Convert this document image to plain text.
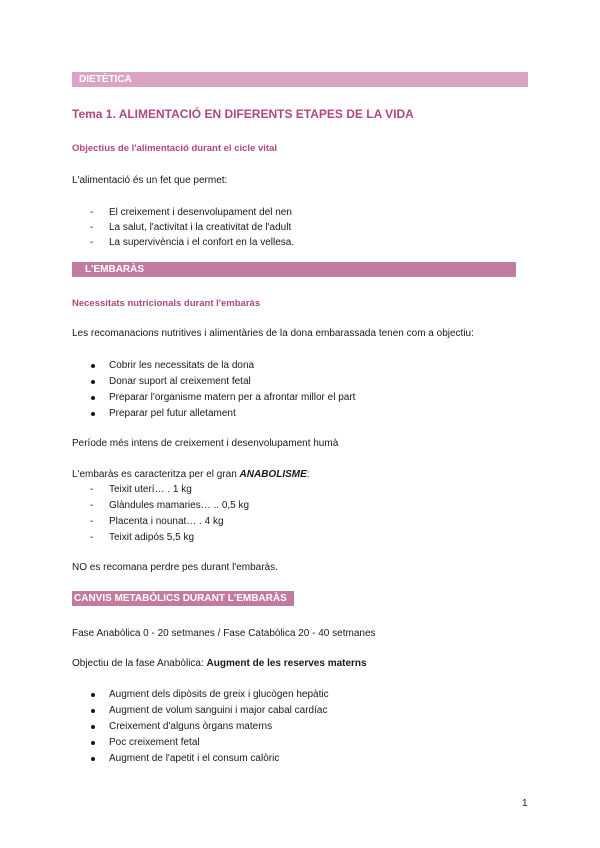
DIETÈTICA
Tema 1. ALIMENTACIÓ EN DIFERENTS ETAPES DE LA VIDA
Objectius de l'alimentació durant el cicle vital
L'alimentació és un fet que permet:
- El creixement i desenvolupament del nen
- La salut, l'activitat i la creativitat de l'adult
- La supervivència i el confort en la vellesa.
L'EMBARÀS
Necessitats nutricionals durant l'embaràs
Les recomanacions nutritives i alimentàries de la dona embarassada tenen com a objectiu:
Cobrir les necessitats de la dona
Donar suport al creixement fetal
Preparar l'organisme matern per a afrontar millor el part
Preparar pel futur alletament
Període més intens de creixement i desenvolupament humà
L'embaràs es caracteritza per el gran ANABOLISME:
- Teixit uterí… . 1 kg
- Glàndules mamaries… .. 0,5 kg
- Placenta i nounat… . 4 kg
- Teixit adipós 5,5 kg
NO es recomana perdre pes durant l'embaràs.
CANVIS METABÒLICS DURANT L'EMBARÀS
Fase Anabòlica 0 - 20 setmanes / Fase Catabòlica 20 - 40 setmanes
Objectiu de la fase Anabòlica: Augment de les reserves materns
Augment dels dipòsits de greix i glucògen hepàtic
Augment de volum sanguini i major cabal cardíac
Creixement d'alguns òrgans materns
Poc creixement fetal
Augment de l'apetit i el consum calòric
1
